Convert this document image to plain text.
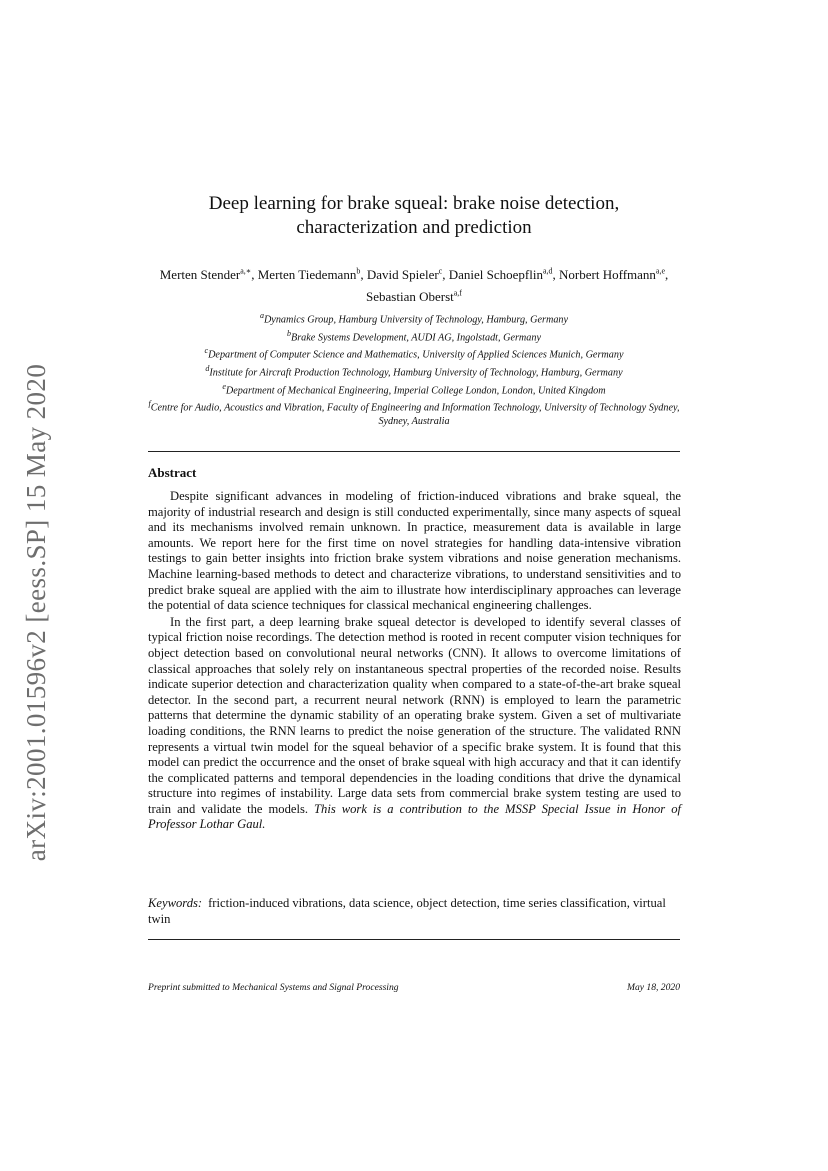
arXiv:2001.01596v2 [eess.SP] 15 May 2020
Deep learning for brake squeal: brake noise detection,
characterization and prediction
Merten Stender$^{a,∗}$, Merten Tiedemann$^b$, David Spieler$^c$, Daniel Schoepflin$^{a,d}$, Norbert Hoffmann$^{a,e}$, Sebastian Oberst$^{a,f}$
$^a$Dynamics Group, Hamburg University of Technology, Hamburg, Germany
$^b$Brake Systems Development, AUDI AG, Ingolstadt, Germany
$^c$Department of Computer Science and Mathematics, University of Applied Sciences Munich, Germany
$^d$Institute for Aircraft Production Technology, Hamburg University of Technology, Hamburg, Germany
$^e$Department of Mechanical Engineering, Imperial College London, London, United Kingdom
$^f$Centre for Audio, Acoustics and Vibration, Faculty of Engineering and Information Technology, University of Technology Sydney, Sydney, Australia
Abstract

Despite significant advances in modeling of friction-induced vibrations and brake squeal, the majority of industrial research and design is still conducted experimentally, since many aspects of squeal and its mechanisms involved remain unknown. In practice, measurement data is available in large amounts. We report here for the first time on novel strategies for handling data-intensive vibration testings to gain better insights into friction brake system vibrations and noise generation mechanisms. Machine learning-based methods to detect and characterize vibrations, to understand sensitivities and to predict brake squeal are applied with the aim to illustrate how interdisciplinary approaches can leverage the potential of data science techniques for classical mechanical engineering challenges.

In the first part, a deep learning brake squeal detector is developed to identify several classes of typical friction noise recordings. The detection method is rooted in recent computer vision techniques for object detection based on convolutional neural networks (CNN). It allows to overcome limitations of classical approaches that solely rely on instantaneous spectral properties of the recorded noise. Results indicate superior detection and characterization quality when compared to a state-of-the-art brake squeal detector. In the second part, a recurrent neural network (RNN) is employed to learn the parametric patterns that determine the dynamic stability of an operating brake system. Given a set of multivariate loading conditions, the RNN learns to predict the noise generation of the structure. The validated RNN represents a virtual twin model for the squeal behavior of a specific brake system. It is found that this model can predict the occurrence and the onset of brake squeal with high accuracy and that it can identify the complicated patterns and temporal dependencies in the loading conditions that drive the dynamical structure into regimes of instability. Large data sets from commercial brake system testing are used to train and validate the models. This work is a contribution to the MSSP Special Issue in Honor of Professor Lothar Gaul.

Keywords: friction-induced vibrations, data science, object detection, time series classification, virtual twin
Preprint submitted to Mechanical Systems and Signal Processing	May 18, 2020
